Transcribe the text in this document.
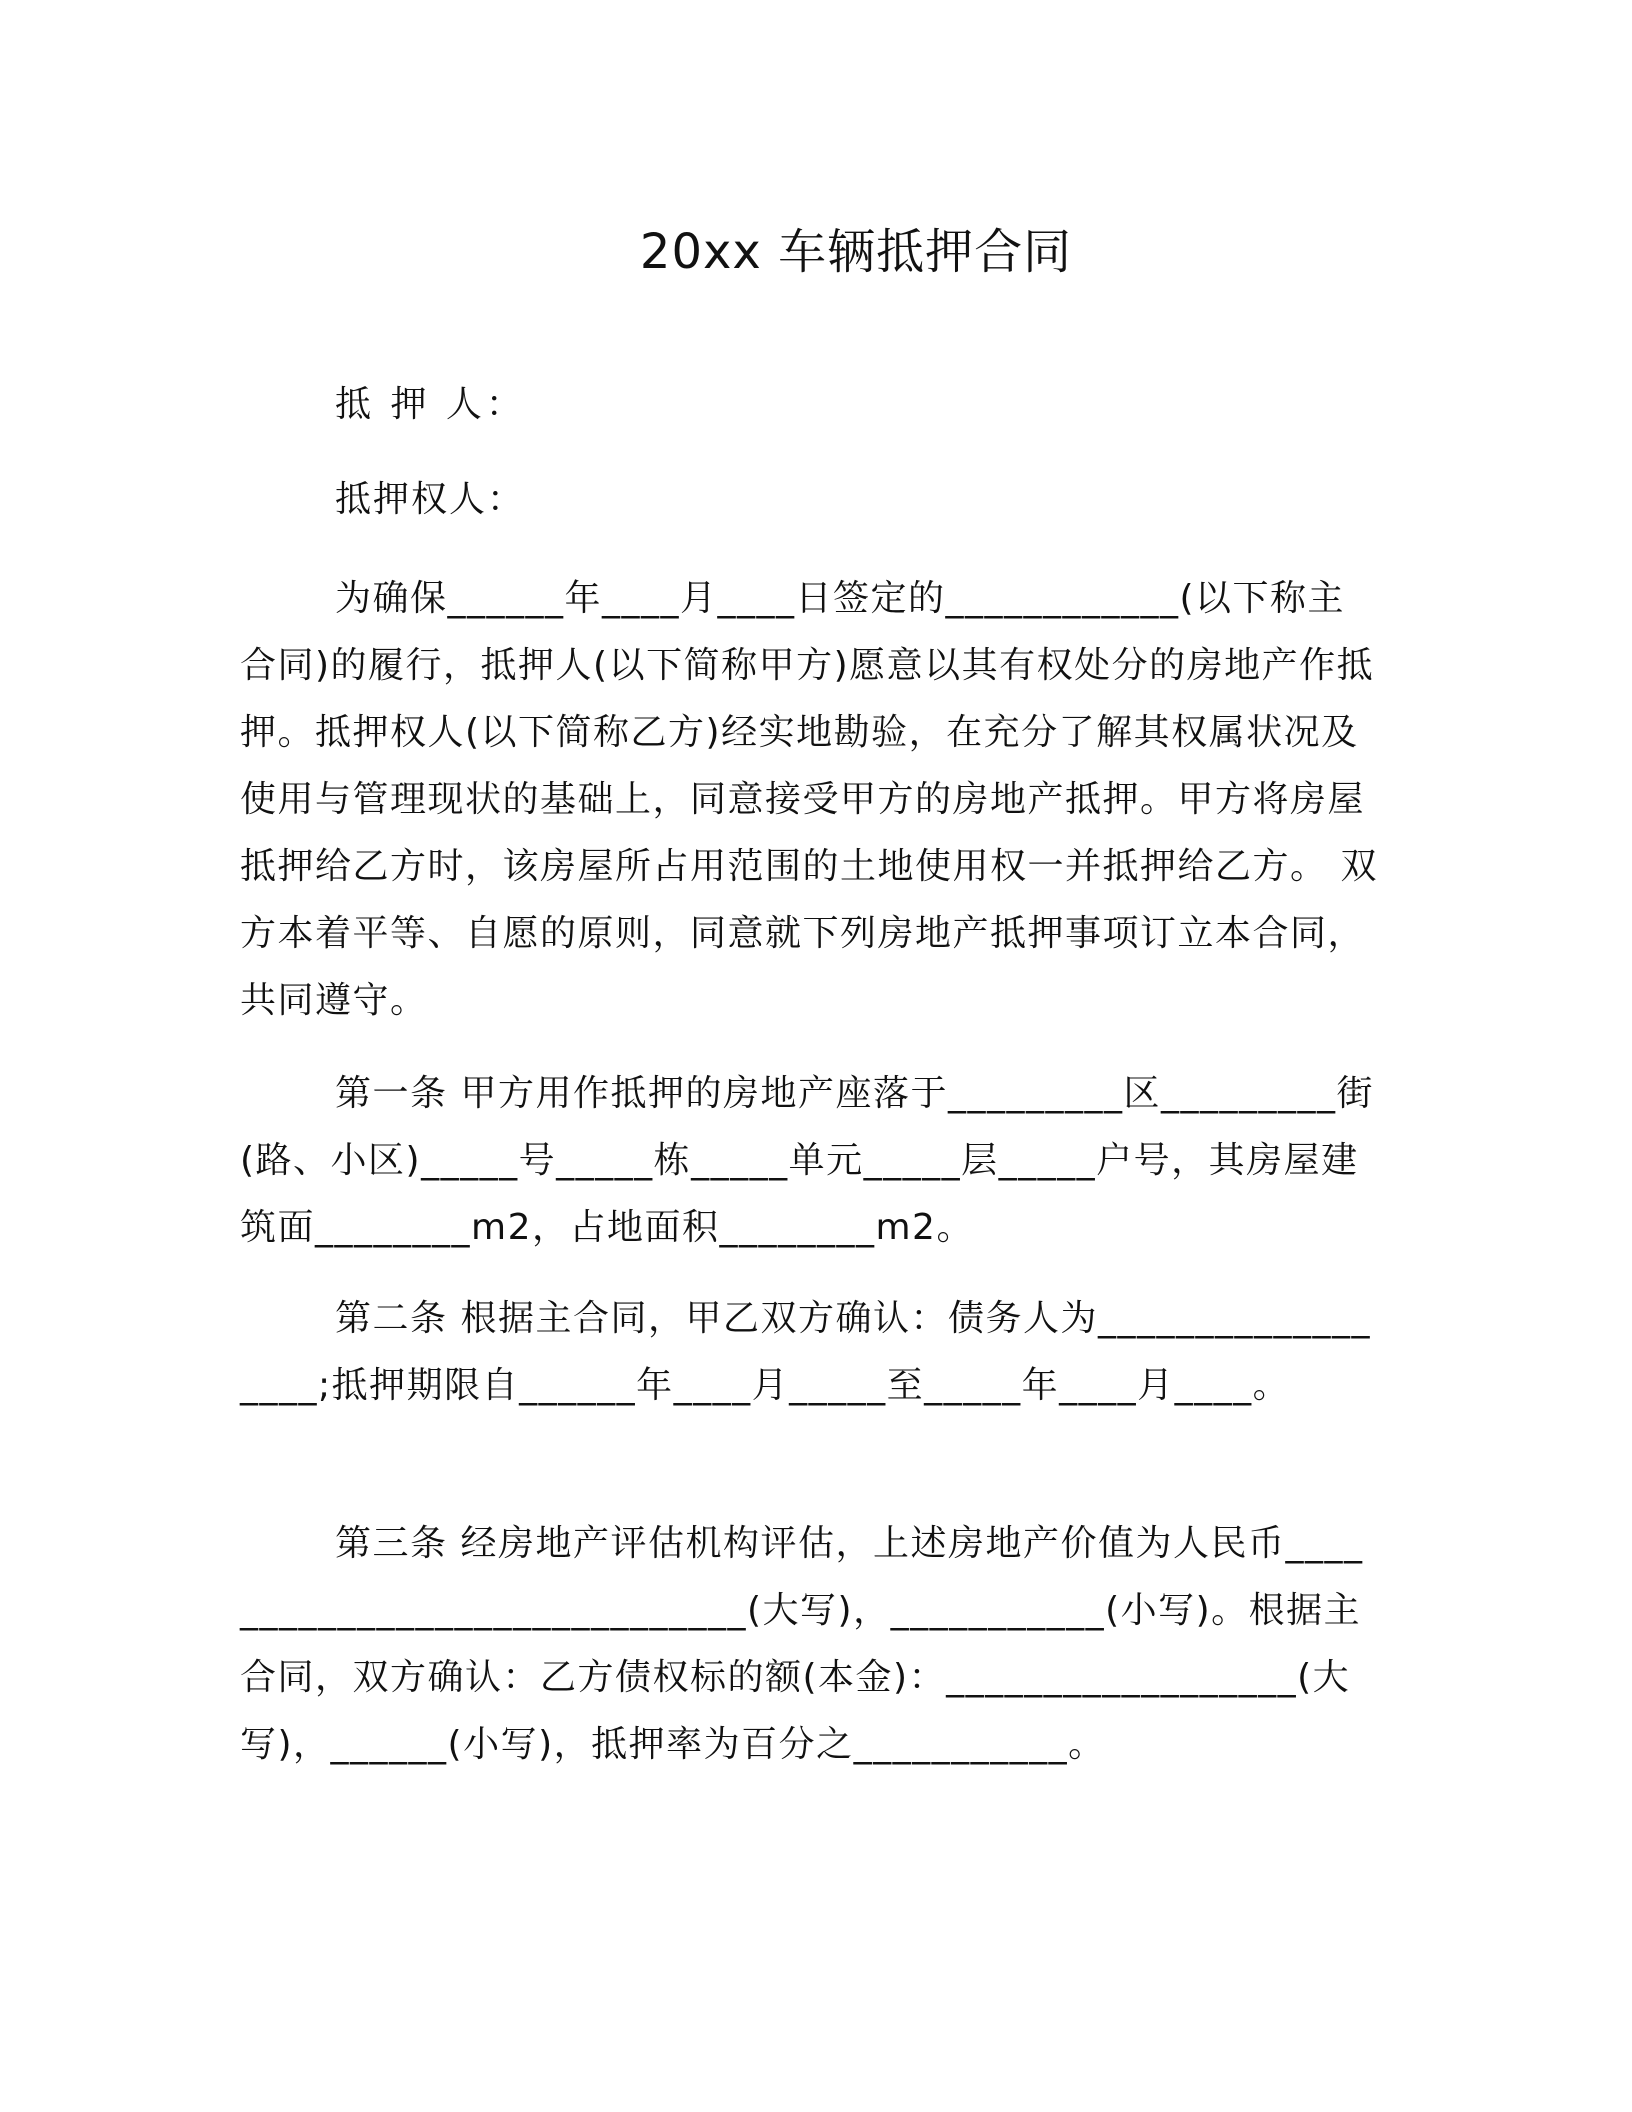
20xx 车辆抵押合同
抵 押 人：
抵押权人：

为确保______年____月____日签定的____________(以下称主合同)的履行，抵押人(以下简称甲方)愿意以其有权处分的房地产作抵押。抵押权人(以下简称乙方)经实地勘验，在充分了解其权属状况及使用与管理现状的基础上，同意接受甲方的房地产抵押。甲方将房屋抵押给乙方时，该房屋所占用范围的土地使用权一并抵押给乙方。 双方本着平等、自愿的原则，同意就下列房地产抵押事项订立本合同，共同遵守。

第一条 甲方用作抵押的房地产座落于_________区_________街(路、小区)_____号_____栋_____单元_____层_____户号，其房屋建筑面________m2，占地面积________m2。

第二条 根据主合同，甲乙双方确认：债务人为__________________;抵押期限自______年____月_____至_____年____月____。

第三条 经房地产评估机构评估，上述房地产价值为人民币______________________________(大写)，___________(小写)。根据主合同，双方确认：乙方债权标的额(本金)：__________________(大写)，______(小写)，抵押率为百分之___________。
